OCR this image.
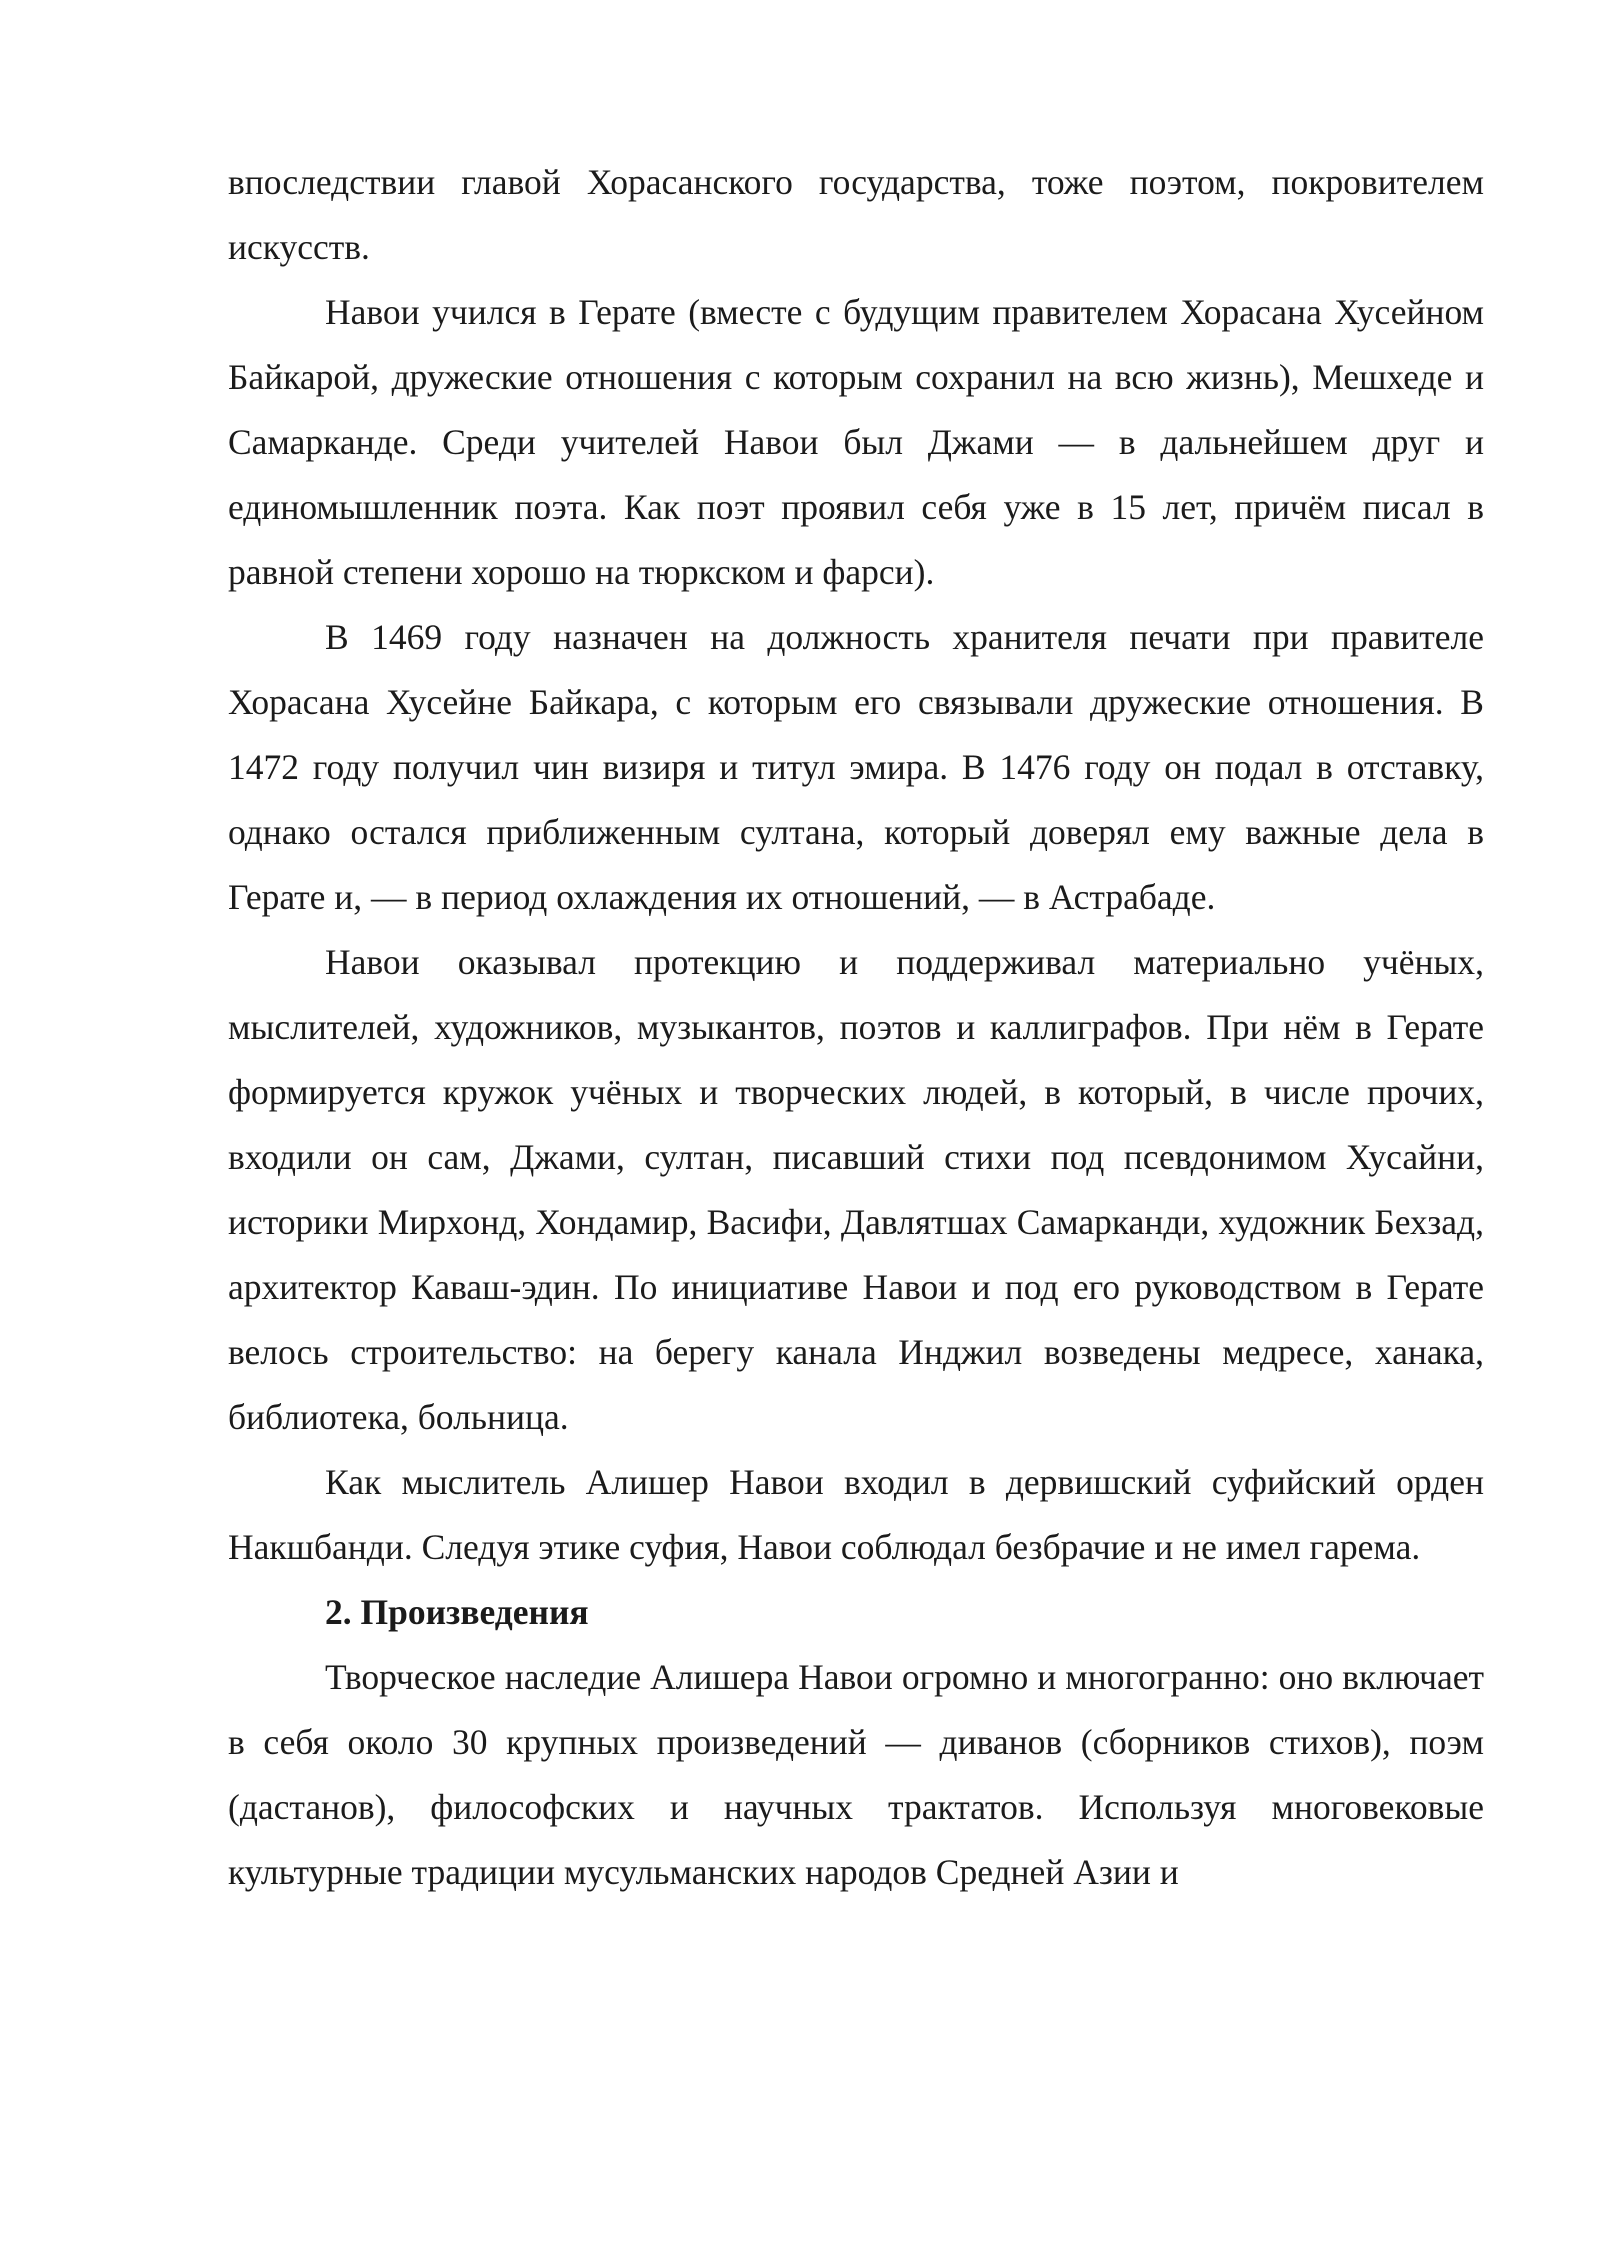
впоследствии главой Хорасанского государства, тоже поэтом, покровителем искусств.

Навои учился в Герате (вместе с будущим правителем Хорасана Хусейном Байкарой, дружеские отношения с которым сохранил на всю жизнь), Мешхеде и Самарканде. Среди учителей Навои был Джами — в дальнейшем друг и единомышленник поэта. Как поэт проявил себя уже в 15 лет, причём писал в равной степени хорошо на тюркском и фарси).

В 1469 году назначен на должность хранителя печати при правителе Хорасана Хусейне Байкара, с которым его связывали дружеские отношения. В 1472 году получил чин визиря и титул эмира. В 1476 году он подал в отставку, однако остался приближенным султана, который доверял ему важные дела в Герате и, — в период охлаждения их отношений, — в Астрабаде.

Навои оказывал протекцию и поддерживал материально учёных, мыслителей, художников, музыкантов, поэтов и каллиграфов. При нём в Герате формируется кружок учёных и творческих людей, в который, в числе прочих, входили он сам, Джами, султан, писавший стихи под псевдонимом Хусайни, историки Мирхонд, Хондамир, Васифи, Давлятшах Самарканди, художник Бехзад, архитектор Каваш-эдин. По инициативе Навои и под его руководством в Герате велось строительство: на берегу канала Инджил возведены медресе, ханака, библиотека, больница.

Как мыслитель Алишер Навои входил в дервишский суфийский орден Накшбанди. Следуя этике суфия, Навои соблюдал безбрачие и не имел гарема.

2. Произведения

Творческое наследие Алишера Навои огромно и многогранно: оно включает в себя около 30 крупных произведений — диванов (сборников стихов), поэм (дастанов), философских и научных трактатов. Используя многовековые культурные традиции мусульманских народов Средней Азии и
